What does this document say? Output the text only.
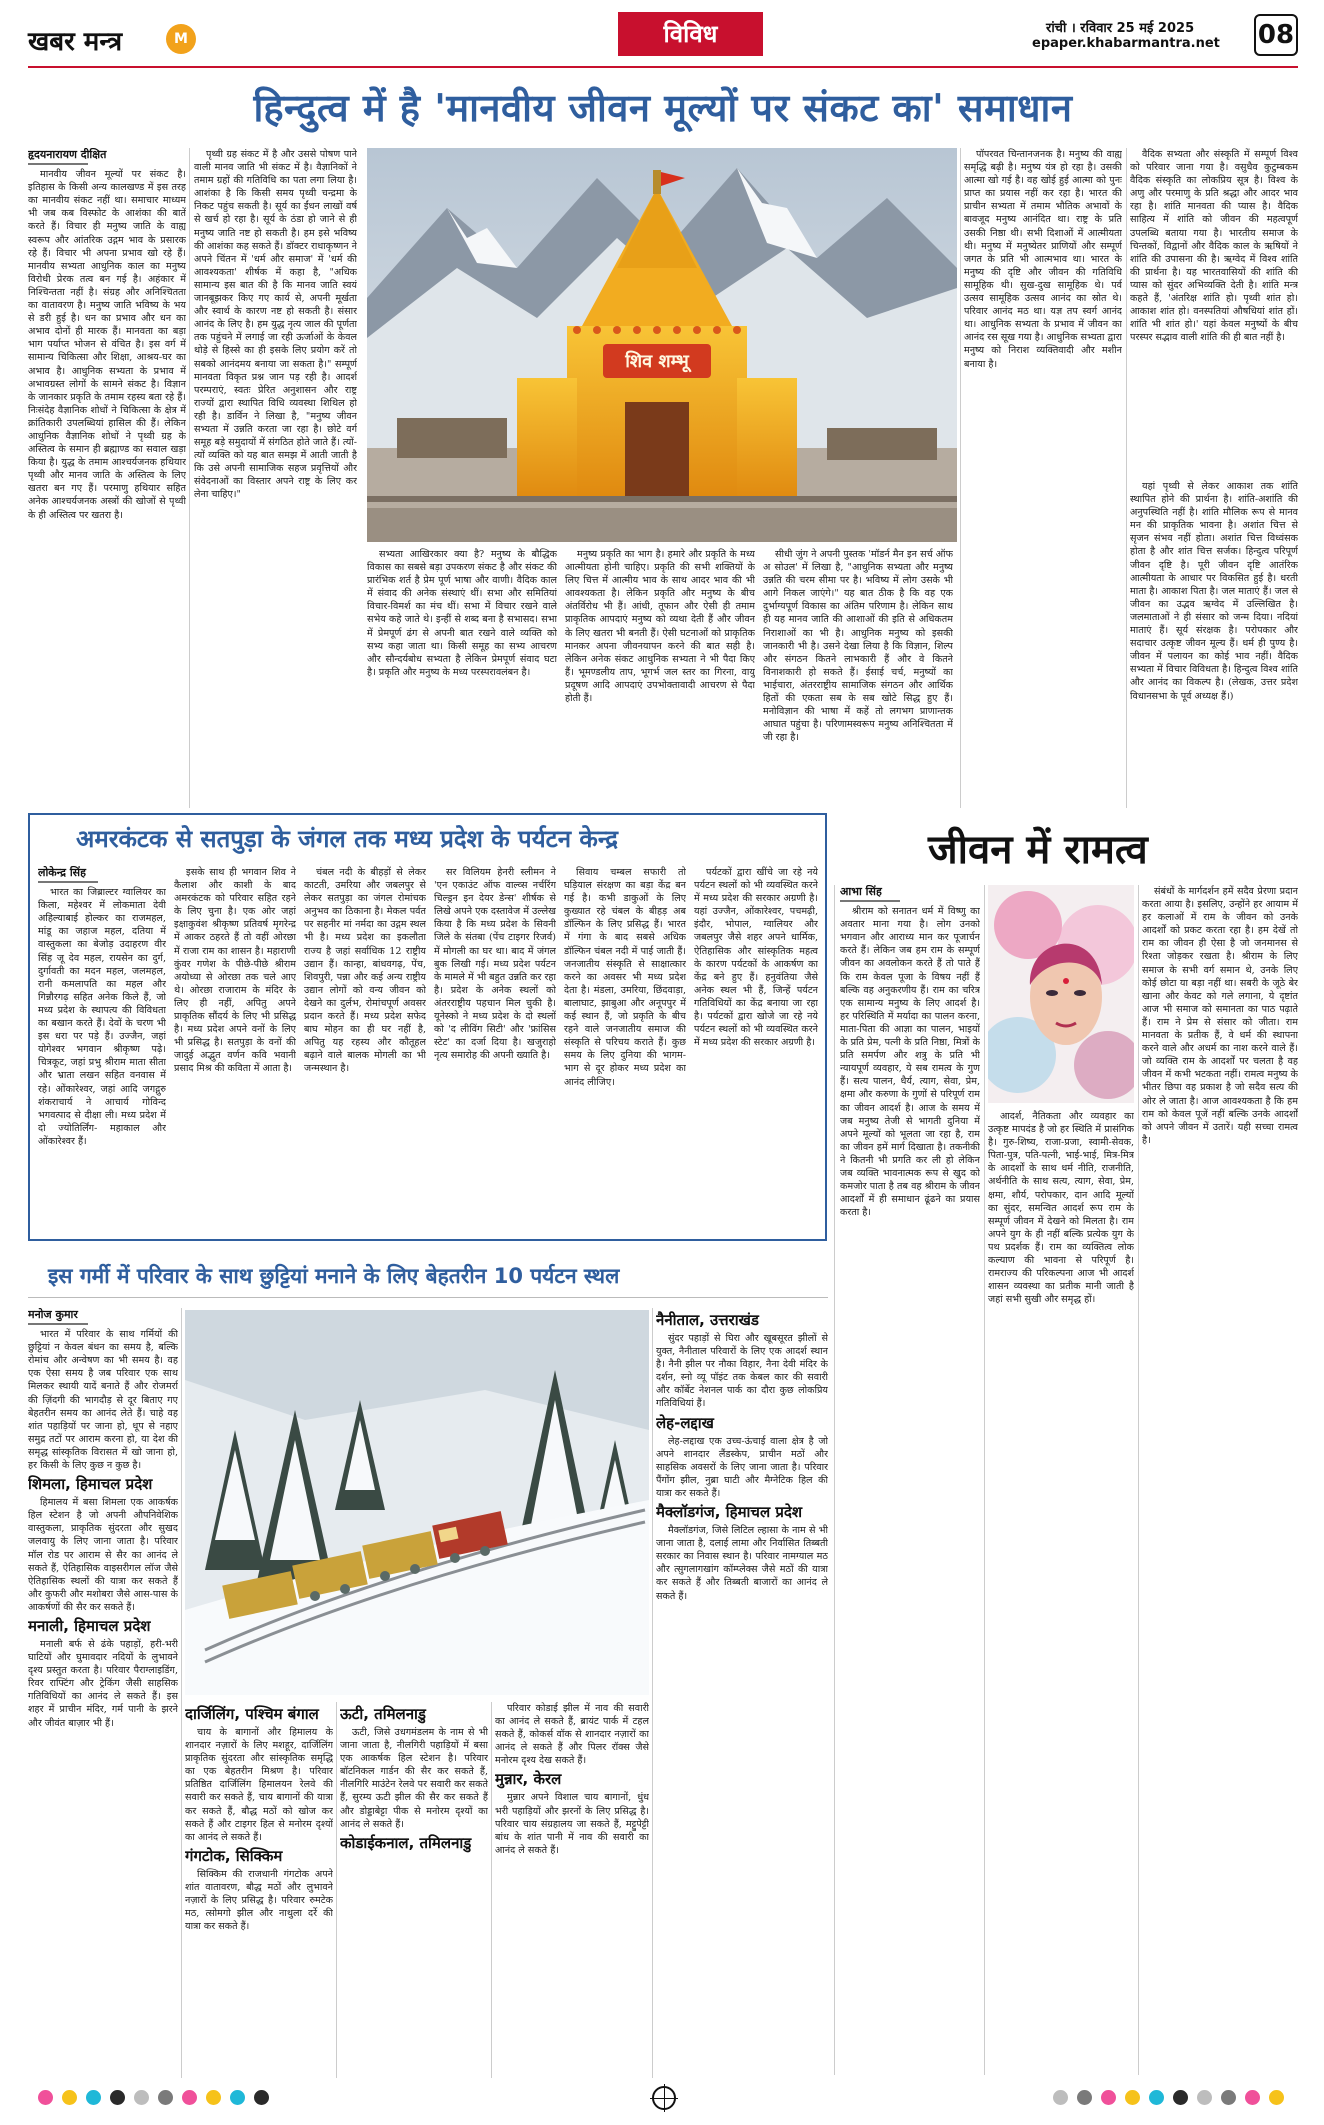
खबर मन्त्र	M	विविध	रांची । रविवार 25 मई 2025
epaper.khabarmantra.net 08
हिन्दुत्व में है 'मानवीय जीवन मूल्यों पर संकट का' समाधान
हृदयनारायण दीक्षित

मानवीय जीवन मूल्यों पर संकट है। इतिहास के किसी अन्य कालखण्ड में इस तरह का मानवीय संकट नहीं था। समाचार माध्यम भी जब कब विस्फोट के आशंका की बातें करते हैं। विचार ही मनुष्य जाति के वाह्य स्वरूप और आंतरिक उद्गम भाव के प्रसारक रहे हैं। विचार भी अपना प्रभाव खो रहे हैं। मानवीय सभ्यता आधुनिक काल का मनुष्य विरोधी प्रेरक तत्व बन गई है। अहंकार में निश्चिन्तता नहीं है। संग्रह और अनिश्चितता का वातावरण है। मनुष्य जाति भविष्य के भय से डरी हुई है। धन का प्रभाव और धन का अभाव दोनों ही मारक हैं। मानवता का बड़ा भाग पर्याप्त भोजन से वंचित है। इस वर्ग में सामान्य चिकित्सा और शिक्षा, आश्रय-घर का अभाव है। आधुनिक सभ्यता के प्रभाव में अभावग्रस्त लोगों के सामने संकट है। विज्ञान के जानकार प्रकृति के तमाम रहस्य बता रहे हैं। निःसंदेह वैज्ञानिक शोधों ने चिकित्सा के क्षेत्र में क्रांतिकारी उपलब्धियां हासिल की हैं। लेकिन आधुनिक वैज्ञानिक शोधों ने पृथ्वी ग्रह के अस्तित्व के समान ही ब्रह्माण्ड का सवाल खड़ा किया है। युद्ध के तमाम आश्चर्यजनक हथियार पृथ्वी और मानव जाति के अस्तित्व के लिए खतरा बन गए हैं। परमाणु हथियार सहित अनेक आश्चर्यजनक अस्त्रों की खोजों से पृथ्वी के ही अस्तित्व पर खतरा है।

पृथ्वी ग्रह संकट में है और उससे पोषण पाने वाली मानव जाति भी संकट में है। वैज्ञानिकों ने तमाम ग्रहों की गतिविधि का पता लगा लिया है। आशंका है कि किसी समय पृथ्वी चन्द्रमा के निकट पहुंच सकती है। सूर्य का ईंधन लाखों वर्ष से खर्च हो रहा है। सूर्य के ठंडा हो जाने से ही मनुष्य जाति नष्ट हो सकती है। हम इसे भविष्य की आशंका कह सकते हैं। डॉक्टर राधाकृष्णन ने अपने चिंतन में 'धर्म और समाज' में 'धर्म की आवश्यकता' शीर्षक में कहा है, "अधिक सामान्य इस बात की है कि मानव जाति स्वयं जानबूझकर किए गए कार्य से, अपनी मूर्खता और स्वार्थ के कारण नष्ट हो सकती है। संसार आनंद के लिए है। हम युद्ध नृत्य जाल की पूर्णता तक पहुंचने में लगाई जा रही ऊर्जाओं के केवल थोड़े से हिस्से का ही इसके लिए प्रयोग करें तो सबको आनंदमय बनाया जा सकता है।" सम्पूर्ण मानवता विकृत प्रश्न जान पड़ रही है। आदर्श परम्पराएं, स्वतः प्रेरित अनुशासन और राष्ट्र राज्यों द्वारा स्थापित विधि व्यवस्था शिथिल हो रही है। डार्विन ने लिखा है, "मनुष्य जीवन सभ्यता में उन्नति करता जा रहा है। छोटे वर्ग समूह बड़े समुदायों में संगठित होते जाते हैं। त्यों-त्यों व्यक्ति को यह बात समझ में आती जाती है कि उसे अपनी सामाजिक सहज प्रवृत्तियों और संवेदनाओं का विस्तार अपने राष्ट्र के लिए कर लेना चाहिए।"

शिव शम्भू

सभ्यता आखिरकार क्या है? मनुष्य के बौद्धिक विकास का सबसे बड़ा उपकरण संकट है और संकट की प्रारंभिक शर्त है प्रेम पूर्ण भाषा और वाणी। वैदिक काल में संवाद की अनेक संस्थाएं थीं। सभा और समितियां विचार-विमर्श का मंच थीं। सभा में विचार रखने वाले सभेय कहे जाते थे। इन्हीं से शब्द बना है सभासद। सभा में प्रेमपूर्ण ढंग से अपनी बात रखने वाले व्यक्ति को सभ्य कहा जाता था। किसी समूह का सभ्य आचरण और सौन्दर्यबोध सभ्यता है लेकिन प्रेमपूर्ण संवाद घटा है। प्रकृति और मनुष्य के मध्य परस्परावलंबन है।

मनुष्य प्रकृति का भाग है। हमारे और प्रकृति के मध्य आत्मीयता होनी चाहिए। प्रकृति की सभी शक्तियों के लिए चित्त में आत्मीय भाव के साथ आदर भाव की भी आवश्यकता है। लेकिन प्रकृति और मनुष्य के बीच अंतर्विरोध भी हैं। आंधी, तूफान और ऐसी ही तमाम प्राकृतिक आपदाएं मनुष्य को व्यथा देती हैं और जीवन के लिए खतरा भी बनती हैं। ऐसी घटनाओं को प्राकृतिक मानकर अपना जीवनयापन करने की बात सही है। लेकिन अनेक संकट आधुनिक सभ्यता ने भी पैदा किए हैं। भूमण्डलीय ताप, भूगर्भ जल स्तर का गिरना, वायु प्रदूषण आदि आपदाएं उपभोक्तावादी आचरण से पैदा होती हैं।

सीधी जुंग ने अपनी पुस्तक 'मॉडर्न मैन इन सर्च ऑफ अ सोउल' में लिखा है, "आधुनिक सभ्यता और मनुष्य उन्नति की चरम सीमा पर है। भविष्य में लोग उसके भी आगे निकल जाएंगे।" यह बात ठीक है कि वह एक दुर्भाग्यपूर्ण विकास का अंतिम परिणाम है। लेकिन साथ ही यह मानव जाति की आशाओं की इति से अधिकतम निराशाओं का भी है। आधुनिक मनुष्य को इसकी जानकारी भी है। उसने देखा लिया है कि विज्ञान, शिल्प और संगठन कितने लाभकारी हैं और वे कितने विनाशकारी हो सकते हैं। ईसाई चर्च, मनुष्यों का भाईचारा, अंतरराष्ट्रीय सामाजिक संगठन और आर्थिक हितों की एकता सब के सब खोटे सिद्ध हुए हैं। मनोविज्ञान की भाषा में कहें तो लगभग प्राणान्तक आघात पहुंचा है। परिणामस्वरूप मनुष्य अनिश्चितता में जी रहा है।

पॉपरवत चिन्तानजनक है। मनुष्य की वाह्य समृद्धि बढ़ी है। मनुष्य यंत्र हो रहा है। उसकी आत्मा खो गई है। वह खोई हुई आत्मा को पुनः प्राप्त का प्रयास नहीं कर रहा है। भारत की प्राचीन सभ्यता में तमाम भौतिक अभावों के बावजूद मनुष्य आनंदित था। राष्ट्र के प्रति उसकी निष्ठा थी। सभी दिशाओं में आत्मीयता थी। मनुष्य में मनुष्येतर प्राणियों और सम्पूर्ण जगत के प्रति भी आत्मभाव था। भारत के मनुष्य की दृष्टि और जीवन की गतिविधि सामूहिक थी। सुख-दुख सामूहिक थे। पर्व उत्सव सामूहिक उत्सव आनंद का स्रोत थे। परिवार आनंद मठ था। यज्ञ तप स्वर्ग आनंद था। आधुनिक सभ्यता के प्रभाव में जीवन का आनंद रस सूख गया है। आधुनिक सभ्यता द्वारा मनुष्य को निराश व्यक्तिवादी और मशीन बनाया है।

वैदिक सभ्यता और संस्कृति में सम्पूर्ण विश्व को परिवार जाना गया है। वसुधैव कुटुम्बकम वैदिक संस्कृति का लोकप्रिय सूत्र है। विश्व के अणु और परमाणु के प्रति श्रद्धा और आदर भाव रहा है। शांति मानवता की प्यास है। वैदिक साहित्य में शांति को जीवन की महत्वपूर्ण उपलब्धि बताया गया है। भारतीय समाज के चिन्तकों, विद्वानों और वैदिक काल के ऋषियों ने शांति की उपासना की है। ऋग्वेद में विश्व शांति की प्रार्थना है। यह भारतवासियों की शांति की प्यास को सुंदर अभिव्यक्ति देती है। शांति मन्त्र कहते हैं, 'अंतरिक्ष शांति हो। पृथ्वी शांत हो। आकाश शांत हो। वनस्पतियां औषधियां शांत हों। शांति भी शांत हो।' यहां केवल मनुष्यों के बीच परस्पर सद्भाव वाली शांति की ही बात नहीं है।

यहां पृथ्वी से लेकर आकाश तक शांति स्थापित होने की प्रार्थना है। शांति-अशांति की अनुपस्थिति नहीं है। शांति मौलिक रूप से मानव मन की प्राकृतिक भावना है। अशांत चित्त से सृजन संभव नहीं होता। अशांत चित्त विध्वंसक होता है और शांत चित्त सर्जक। हिन्दुत्व परिपूर्ण जीवन दृष्टि है। पूरी जीवन दृष्टि आतंरिक आत्मीयता के आधार पर विकसित हुई है। धरती माता है। आकाश पिता है। जल माताएं हैं। जल से जीवन का उद्भव ऋग्वेद में उल्लिखित है। जलमाताओं ने ही संसार को जन्म दिया। नदियां माताएं हैं। सूर्य संरक्षक है। परोपकार और सदाचार उत्कृष्ट जीवन मूल्य हैं। धर्म ही पुण्य है। जीवन में पलायन का कोई भाव नहीं। वैदिक सभ्यता में विचार विविधता है। हिन्दुत्व विश्व शांति और आनंद का विकल्प है। (लेखक, उत्तर प्रदेश विधानसभा के पूर्व अध्यक्ष हैं।)

अमरकंटक से सतपुड़ा के जंगल तक मध्य प्रदेश के पर्यटन केन्द्र
लोकेन्द्र सिंह

भारत का जिब्राल्टर ग्वालियर का किला, महेश्वर में लोकमाता देवी अहिल्याबाई होल्कर का राजमहल, मांडू का जहाज महल, दतिया में वास्तुकला का बेजोड़ उदाहरण वीर सिंह जू देव महल, रायसेन का दुर्ग, दुर्गावती का मदन महल, जलमहल, रानी कमलापति का महल और गिन्नौरगढ़ सहित अनेक किले हैं, जो मध्य प्रदेश के स्थापत्य की विविधता का बखान करते हैं। देवों के चरण भी इस धरा पर पड़े हैं। उज्जैन, जहां योगेश्वर भगवान श्रीकृष्ण पढ़े। चित्रकूट, जहां प्रभु श्रीराम माता सीता और भ्राता लखन सहित वनवास में रहे। ओंकारेश्वर, जहां आदि जगद्गुरु शंकराचार्य ने आचार्य गोविन्द भगवत्पाद से दीक्षा ली। मध्य प्रदेश में दो ज्योतिर्लिंग- महाकाल और ओंकारेश्वर हैं।

इसके साथ ही भगवान शिव ने कैलाश और काशी के बाद अमरकंटक को परिवार सहित रहने के लिए चुना है। एक ओर जहां इक्षाकुवंश श्रीकृष्ण प्रतिवर्ष मृगरेन्द्र में आकर ठहरते हैं तो वहीं ओरछा में राजा राम का शासन है। महाराणी कुंवर गणेश के पीछे-पीछे श्रीराम अयोध्या से ओरछा तक चले आए थे। ओरछा राजाराम के मंदिर के लिए ही नहीं, अपितु अपने प्राकृतिक सौंदर्य के लिए भी प्रसिद्ध है। मध्य प्रदेश अपने वनों के लिए भी प्रसिद्ध है। सतपुड़ा के वनों की जादुई अद्भुत वर्णन कवि भवानी प्रसाद मिश्र की कविता में आता है।

चंबल नदी के बीहड़ों से लेकर काटती, उमरिया और जबलपुर से लेकर सतपुड़ा का जंगल रोमांचक अनुभव का ठिकाना है। मेकल पर्वत पर सहनीर मां नर्मदा का उद्गम स्थल भी है। मध्य प्रदेश का इकलौता राज्य है जहां सर्वाधिक 12 राष्ट्रीय उद्यान हैं। कान्हा, बांधवगढ़, पेंच, शिवपुरी, पन्ना और कई अन्य राष्ट्रीय उद्यान लोगों को वन्य जीवन को देखने का दुर्लभ, रोमांचपूर्ण अवसर प्रदान करते हैं। मध्य प्रदेश सफेद बाघ मोहन का ही घर नहीं है, अपितु यह रहस्य और कौतूहल बढ़ाने वाले बालक मोगली का भी जन्मस्थान है।

सर विलियम हेनरी स्लीमन ने 'एन एकाउंट ऑफ वाल्व्स नर्चरिंग चिल्ड्रन इन देयर डेन्स' शीर्षक से लिखे अपने एक दस्तावेज में उल्लेख किया है कि मध्य प्रदेश के सिवनी जिले के संतबा (पेंच टाइगर रिजर्व) में मोगली का घर था। बाद में जंगल बुक लिखी गई। मध्य प्रदेश पर्यटन के मामले में भी बहुत उन्नति कर रहा है। प्रदेश के अनेक स्थलों को अंतरराष्ट्रीय पहचान मिल चुकी है। यूनेस्को ने मध्य प्रदेश के दो स्थलों को 'द लीविंग सिटी' और 'फ्रांसिस स्टेट' का दर्जा दिया है। खजुराहो नृत्य समारोह की अपनी ख्याति है।

सिवाय चम्बल सफारी तो घड़ियाल संरक्षण का बड़ा केंद्र बन गई है। कभी डाकुओं के लिए कुख्यात रहे चंबल के बीहड़ अब डॉल्फिन के लिए प्रसिद्ध हैं। भारत में गंगा के बाद सबसे अधिक डॉल्फिन चंबल नदी में पाई जाती हैं। जनजातीय संस्कृति से साक्षात्कार करने का अवसर भी मध्य प्रदेश देता है। मंडला, उमरिया, छिंदवाड़ा, बालाघाट, झाबुआ और अनूपपुर में कई स्थान हैं, जो प्रकृति के बीच रहने वाले जनजातीय समाज की संस्कृति से परिचय कराते हैं। कुछ समय के लिए दुनिया की भागम-भाग से दूर होकर मध्य प्रदेश का आनंद लीजिए।

पर्यटकों द्वारा खींचे जा रहे नये पर्यटन स्थलों को भी व्यवस्थित करने में मध्य प्रदेश की सरकार अग्रणी है। यहां उज्जैन, ओंकारेश्वर, पचमढ़ी, इंदौर, भोपाल, ग्वालियर और जबलपुर जैसे शहर अपने धार्मिक, ऐतिहासिक और सांस्कृतिक महत्व के कारण पर्यटकों के आकर्षण का केंद्र बने हुए हैं। हनुवंतिया जैसे अनेक स्थल भी हैं, जिन्हें पर्यटन गतिविधियों का केंद्र बनाया जा रहा है। पर्यटकों द्वारा खोजे जा रहे नये पर्यटन स्थलों को भी व्यवस्थित करने में मध्य प्रदेश की सरकार अग्रणी है।

जीवन में रामत्व
आभा सिंह

श्रीराम को सनातन धर्म में विष्णु का अवतार माना गया है। लोग उनको भगवान और आराध्य मान कर पूजार्चन करते हैं। लेकिन जब हम राम के सम्पूर्ण जीवन का अवलोकन करते हैं तो पाते हैं कि राम केवल पूजा के विषय नहीं हैं बल्कि वह अनुकरणीय हैं। राम का चरित्र एक सामान्य मनुष्य के लिए आदर्श है। हर परिस्थिति में मर्यादा का पालन करना, माता-पिता की आज्ञा का पालन, भाइयों के प्रति प्रेम, पत्नी के प्रति निष्ठा, मित्रों के प्रति समर्पण और शत्रु के प्रति भी न्यायपूर्ण व्यवहार, ये सब रामत्व के गुण हैं। सत्य पालन, धैर्य, त्याग, सेवा, प्रेम, क्षमा और करुणा के गुणों से परिपूर्ण राम का जीवन आदर्श है। आज के समय में जब मनुष्य तेजी से भागती दुनिया में अपने मूल्यों को भूलता जा रहा है, राम का जीवन हमें मार्ग दिखाता है। तकनीकी ने कितनी भी प्रगति कर ली हो लेकिन जब व्यक्ति भावनात्मक रूप से खुद को कमजोर पाता है तब वह श्रीराम के जीवन आदर्शों में ही समाधान ढूंढने का प्रयास करता है।

आदर्श, नैतिकता और व्यवहार का उत्कृष्ट मापदंड है जो हर स्थिति में प्रासंगिक है। गुरु-शिष्य, राजा-प्रजा, स्वामी-सेवक, पिता-पुत्र, पति-पत्नी, भाई-भाई, मित्र-मित्र के आदर्शों के साथ धर्म नीति, राजनीति, अर्थनीति के साथ सत्य, त्याग, सेवा, प्रेम, क्षमा, शौर्य, परोपकार, दान आदि मूल्यों का सुंदर, समन्वित आदर्श रूप राम के सम्पूर्ण जीवन में देखने को मिलता है। राम अपने युग के ही नहीं बल्कि प्रत्येक युग के पथ प्रदर्शक हैं। राम का व्यक्तित्व लोक कल्याण की भावना से परिपूर्ण है। रामराज्य की परिकल्पना आज भी आदर्श शासन व्यवस्था का प्रतीक मानी जाती है जहां सभी सुखी और समृद्ध हों।

संबंधों के मार्गदर्शन हमें सदैव प्रेरणा प्रदान करता आया है। इसलिए, उन्होंने हर आयाम में हर कलाओं में राम के जीवन को उनके आदर्शों को प्रकट करता रहा है। हम देखें तो राम का जीवन ही ऐसा है जो जनमानस से रिश्ता जोड़कर रखता है। श्रीराम के लिए समाज के सभी वर्ग समान थे, उनके लिए कोई छोटा या बड़ा नहीं था। सबरी के जूठे बेर खाना और केवट को गले लगाना, ये दृष्टांत आज भी समाज को समानता का पाठ पढ़ाते हैं। राम ने प्रेम से संसार को जीता। राम मानवता के प्रतीक हैं, वे धर्म की स्थापना करने वाले और अधर्म का नाश करने वाले हैं। जो व्यक्ति राम के आदर्शों पर चलता है वह जीवन में कभी भटकता नहीं। रामत्व मनुष्य के भीतर छिपा वह प्रकाश है जो सदैव सत्य की ओर ले जाता है। आज आवश्यकता है कि हम राम को केवल पूजें नहीं बल्कि उनके आदर्शों को अपने जीवन में उतारें। यही सच्चा रामत्व है।

इस गर्मी में परिवार के साथ छुट्टियां मनाने के लिए बेहतरीन 10 पर्यटन स्थल
मनोज कुमार

भारत में परिवार के साथ गर्मियों की छुट्टियां न केवल बंधन का समय है, बल्कि रोमांच और अन्वेषण का भी समय है। वह एक ऐसा समय है जब परिवार एक साथ मिलकर स्थायी यादें बनाते हैं और रोजमर्रा की ज़िंदगी की भागदौड़ से दूर बिताए गए बेहतरीन समय का आनंद लेते हैं। चाहे वह शांत पहाड़ियों पर जाना हो, धूप से नहाए समुद्र तटों पर आराम करना हो, या देश की समृद्ध सांस्कृतिक विरासत में खो जाना हो, हर किसी के लिए कुछ न कुछ है।

शिमला, हिमाचल प्रदेश

हिमालय में बसा शिमला एक आकर्षक हिल स्टेशन है जो अपनी औपनिवेशिक वास्तुकला, प्राकृतिक सुंदरता और सुखद जलवायु के लिए जाना जाता है। परिवार मॉल रोड पर आराम से सैर का आनंद ले सकते हैं, ऐतिहासिक वाइसरीगल लॉज जैसे ऐतिहासिक स्थलों की यात्रा कर सकते हैं और कुफरी और मशोबरा जैसे आस-पास के आकर्षणों की सैर कर सकते हैं।

मनाली, हिमाचल प्रदेश

मनाली बर्फ से ढंके पहाड़ों, हरी-भरी घाटियों और घुमावदार नदियों के लुभावने दृश्य प्रस्तुत करता है। परिवार पैराग्लाइडिंग, रिवर राफ्टिंग और ट्रेकिंग जैसी साहसिक गतिविधियों का आनंद ले सकते हैं। इस शहर में प्राचीन मंदिर, गर्म पानी के झरने और जीवंत बाज़ार भी हैं।

दार्जिलिंग, पश्चिम बंगाल

चाय के बागानों और हिमालय के शानदार नज़ारों के लिए मशहूर, दार्जिलिंग प्राकृतिक सुंदरता और सांस्कृतिक समृद्धि का एक बेहतरीन मिश्रण है। परिवार प्रतिष्ठित दार्जिलिंग हिमालयन रेलवे की सवारी कर सकते हैं, चाय बागानों की यात्रा कर सकते हैं, बौद्ध मठों को खोज कर सकते हैं और टाइगर हिल से मनोरम दृश्यों का आनंद ले सकते हैं।

गंगटोक, सिक्किम

सिक्किम की राजधानी गंगटोक अपने शांत वातावरण, बौद्ध मठों और लुभावने नज़ारों के लिए प्रसिद्ध है। परिवार रुमटेक मठ, त्सोमगो झील और नाथुला दर्रे की यात्रा कर सकते हैं।

ऊटी, तमिलनाडु

ऊटी, जिसे उधगमंडलम के नाम से भी जाना जाता है, नीलगिरी पहाड़ियों में बसा एक आकर्षक हिल स्टेशन है। परिवार बॉटनिकल गार्डन की सैर कर सकते हैं, नीलगिरि माउंटेन रेलवे पर सवारी कर सकते हैं, सुरम्य ऊटी झील की सैर कर सकते हैं और डोड्डाबेट्टा पीक से मनोरम दृश्यों का आनंद ले सकते हैं।

कोडाईकनाल, तमिलनाडु

परिवार कोडाई झील में नाव की सवारी का आनंद ले सकते हैं, ब्रायंट पार्क में टहल सकते हैं, कोकर्स वॉक से शानदार नज़ारों का आनंद ले सकते हैं और पिलर रॉक्स जैसे मनोरम दृश्य देख सकते हैं।

मुन्नार, केरल

मुन्नार अपने विशाल चाय बागानों, धुंध भरी पहाड़ियों और झरनों के लिए प्रसिद्ध है। परिवार चाय संग्रहालय जा सकते हैं, मट्टुपेट्टी बांध के शांत पानी में नाव की सवारी का आनंद ले सकते हैं।

नैनीताल, उत्तराखंड

सुंदर पहाड़ों से घिरा और खूबसूरत झीलों से युक्त, नैनीताल परिवारों के लिए एक आदर्श स्थान है। नैनी झील पर नौका विहार, नैना देवी मंदिर के दर्शन, स्नो व्यू पॉइंट तक केबल कार की सवारी और कॉर्बेट नेशनल पार्क का दौरा कुछ लोकप्रिय गतिविधियां हैं।

लेह-लद्दाख

लेह-लद्दाख एक उच्च-ऊंचाई वाला क्षेत्र है जो अपने शानदार लैंडस्केप, प्राचीन मठों और साहसिक अवसरों के लिए जाना जाता है। परिवार पैंगोंग झील, नुब्रा घाटी और मैग्नेटिक हिल की यात्रा कर सकते हैं।

मैक्लॉडगंज, हिमाचल प्रदेश

मैक्लॉडगंज, जिसे लिटिल ल्हासा के नाम से भी जाना जाता है, दलाई लामा और निर्वासित तिब्बती सरकार का निवास स्थान है। परिवार नामग्याल मठ और त्सुगलागखांग कॉम्प्लेक्स जैसे मठों की यात्रा कर सकते हैं और तिब्बती बाजारों का आनंद ले सकते हैं।
